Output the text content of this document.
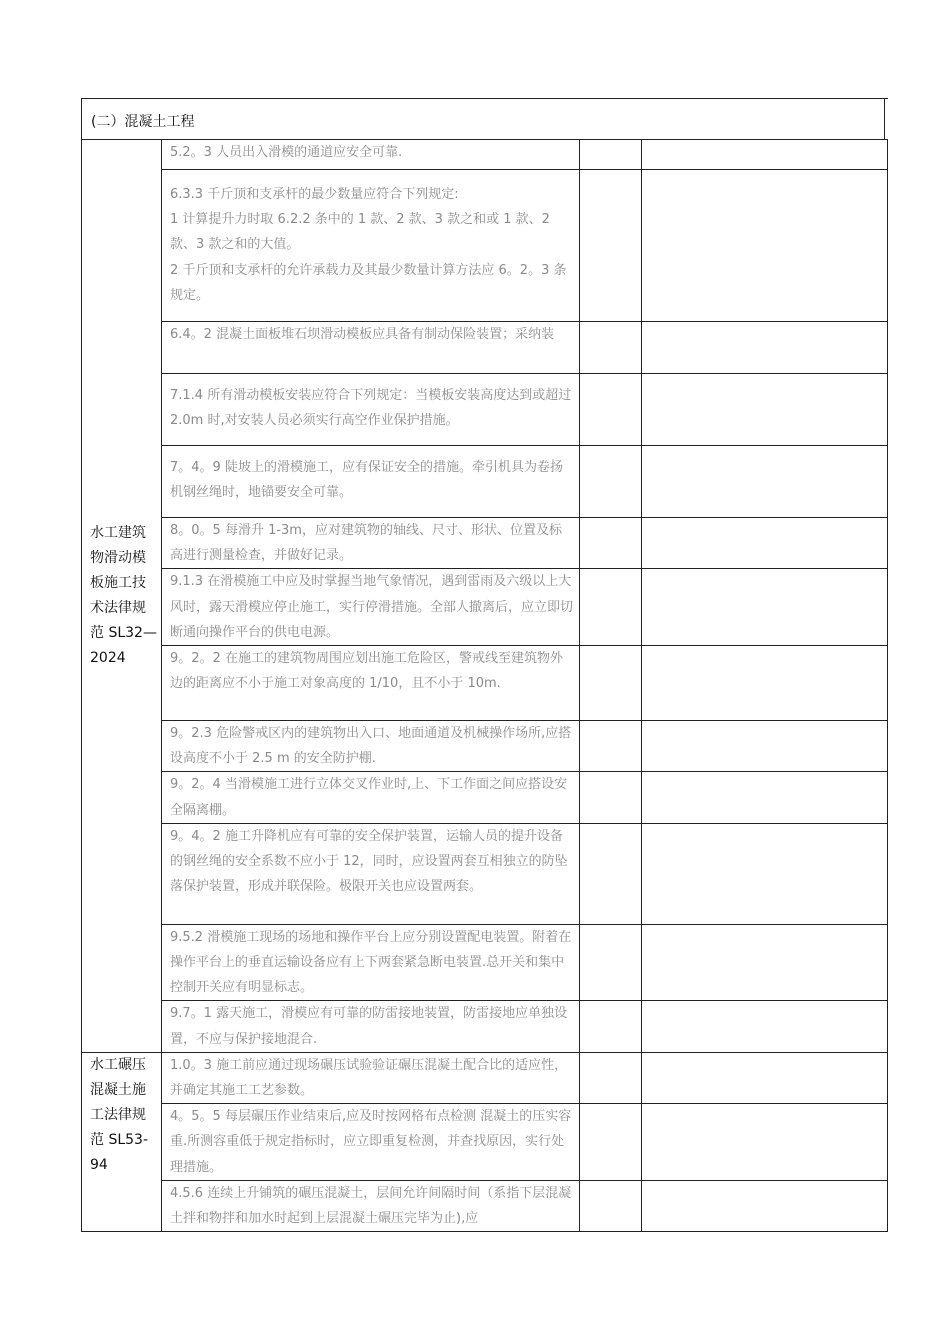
(二）混凝土工程
水工建筑物滑动模板施工技术法律规范 SL32—2024	5.2。3 人员出入滑模的通道应安全可靠.		

	6.3.3 千斤顶和支承杆的最少数量应符合下列规定:
1 计算提升力时取 6.2.2 条中的 1 款、2 款、3 款之和或 1 款、2 款、3 款之和的大值。
2 千斤顶和支承杆的允许承载力及其最少数量计算方法应 6。2。3 条规定。		

	6.4。2 混凝土面板堆石坝滑动模板应具备有制动保险装置；采纳装		

	7.1.4 所有滑动模板安装应符合下列规定：当模板安装高度达到或超过 2.0m 时,对安装人员必须实行高空作业保护措施。		

	7。4。9 陡坡上的滑模施工，应有保证安全的措施。牵引机具为卷扬机钢丝绳时，地锚要安全可靠。		

	8。0。5 每滑升 1-3m，应对建筑物的轴线、尺寸、形状、位置及标高进行测量检查，并做好记录。		

	9.1.3 在滑模施工中应及时掌握当地气象情况，遇到雷雨及六级以上大风时，露天滑模应停止施工，实行停滑措施。全部人撤离后，应立即切断通向操作平台的供电电源。		

	9。2。2 在施工的建筑物周围应划出施工危险区，警戒线至建筑物外边的距离应不小于施工对象高度的 1/10，且不小于 10m.		

	9。2.3 危险警戒区内的建筑物出入口、地面通道及机械操作场所,应搭设高度不小于 2.5 m 的安全防护棚.		

	9。2。4 当滑模施工进行立体交叉作业时,上、下工作面之间应搭设安全隔离棚。		

	9。4。2 施工升降机应有可靠的安全保护装置，运输人员的提升设备的钢丝绳的安全系数不应小于 12，同时，应设置两套互相独立的防坠落保护装置，形成并联保险。极限开关也应设置两套。		

	9.5.2 滑模施工现场的场地和操作平台上应分别设置配电装置。附着在操作平台上的垂直运输设备应有上下两套紧急断电装置.总开关和集中控制开关应有明显标志。		

	9.7。1 露天施工，滑模应有可靠的防雷接地装置，防雷接地应单独设置，不应与保护接地混合.		

水工碾压混凝土施工法律规范 SL53-94	1.0。3 施工前应通过现场碾压试验验证碾压混凝土配合比的适应性，并确定其施工工艺参数。		

	4。5。5 每层碾压作业结束后,应及时按网格布点检测 混凝土的压实容重.所测容重低于规定指标时，应立即重复检测，并查找原因，实行处理措施。		

	4.5.6 连续上升铺筑的碾压混凝土，层间允许间隔时间（系指下层混凝土拌和物拌和加水时起到上层混凝土碾压完毕为止),应		
